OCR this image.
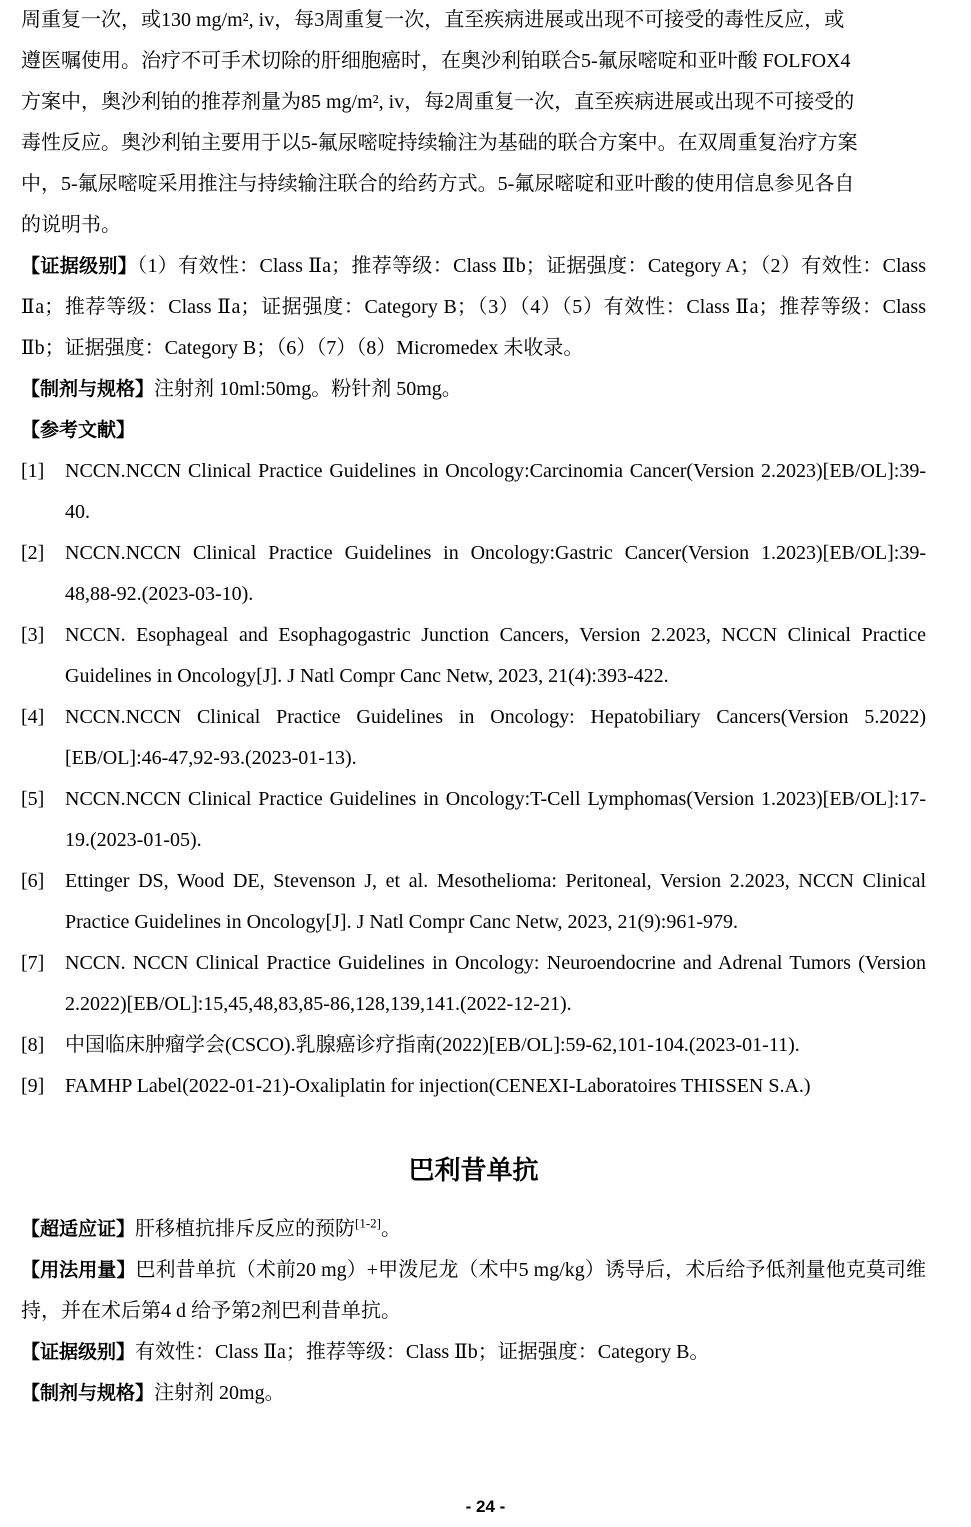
周重复一次，或130 mg/m², iv，每3周重复一次，直至疾病进展或出现不可接受的毒性反应，或
遵医嘱使用。治疗不可手术切除的肝细胞癌时，在奥沙利铂联合5-氟尿嘧啶和亚叶酸 FOLFOX4
方案中，奥沙利铂的推荐剂量为85 mg/m², iv，每2周重复一次，直至疾病进展或出现不可接受的
毒性反应。奥沙利铂主要用于以5-氟尿嘧啶持续输注为基础的联合方案中。在双周重复治疗方案
中，5-氟尿嘧啶采用推注与持续输注联合的给药方式。5-氟尿嘧啶和亚叶酸的使用信息参见各自
的说明书。

【证据级别】（1）有效性：Class Ⅱa；推荐等级：Class Ⅱb；证据强度：Category A；（2）有效性：Class Ⅱa；推荐等级：Class Ⅱa；证据强度：Category B；（3）（4）（5）有效性：Class Ⅱa；推荐等级：Class Ⅱb；证据强度：Category B；（6）（7）（8）Micromedex 未收录。

【制剂与规格】注射剂 10ml:50mg。粉针剂 50mg。

【参考文献】

[1]	NCCN.NCCN Clinical Practice Guidelines in Oncology:Carcinomia Cancer(Version 2.2023)[EB/OL]:39-40.
[2]	NCCN.NCCN Clinical Practice Guidelines in Oncology:Gastric Cancer(Version 1.2023)[EB/OL]:39-48,88-92.(2023-03-10).
[3]	NCCN. Esophageal and Esophagogastric Junction Cancers, Version 2.2023, NCCN Clinical Practice Guidelines in Oncology[J]. J Natl Compr Canc Netw, 2023, 21(4):393-422.
[4]	NCCN.NCCN Clinical Practice Guidelines in Oncology: Hepatobiliary Cancers(Version 5.2022)[EB/OL]:46-47,92-93.(2023-01-13).
[5]	NCCN.NCCN Clinical Practice Guidelines in Oncology:T-Cell Lymphomas(Version 1.2023)[EB/OL]:17-19.(2023-01-05).
[6]	Ettinger DS, Wood DE, Stevenson J, et al. Mesothelioma: Peritoneal, Version 2.2023, NCCN Clinical Practice Guidelines in Oncology[J]. J Natl Compr Canc Netw, 2023, 21(9):961-979.
[7]	NCCN. NCCN Clinical Practice Guidelines in Oncology: Neuroendocrine and Adrenal Tumors (Version 2.2022)[EB/OL]:15,45,48,83,85-86,128,139,141.(2022-12-21).
[8]	中国临床肿瘤学会(CSCO).乳腺癌诊疗指南(2022)[EB/OL]:59-62,101-104.(2023-01-11).
[9]	FAMHP Label(2022-01-21)-Oxaliplatin for injection(CENEXI-Laboratoires THISSEN S.A.)
巴利昔单抗

【超适应证】肝移植抗排斥反应的预防[1-2]。

【用法用量】巴利昔单抗（术前20 mg）+甲泼尼龙（术中5 mg/kg）诱导后，术后给予低剂量他克莫司维持，并在术后第4 d 给予第2剂巴利昔单抗。

【证据级别】有效性：Class Ⅱa；推荐等级：Class Ⅱb；证据强度：Category B。

【制剂与规格】注射剂 20mg。

- 24 -
